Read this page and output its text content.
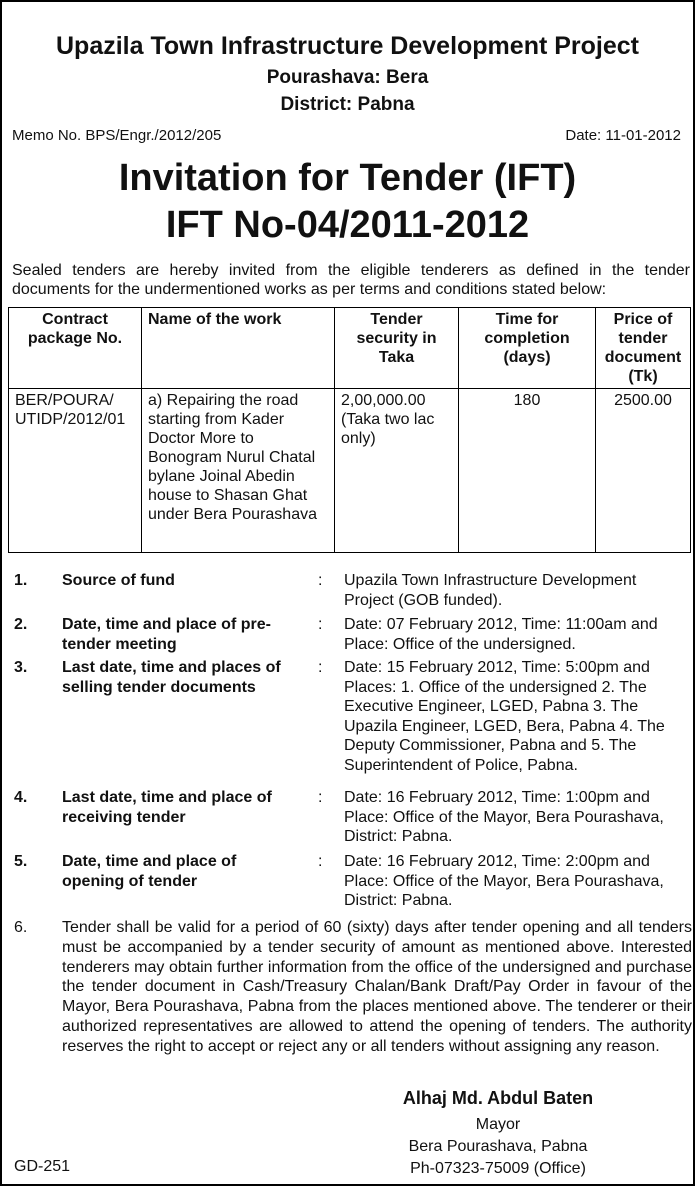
Upazila Town Infrastructure Development Project
Pourashava: Bera
District: Pabna
Memo No. BPS/Engr./2012/205	Date: 11-01-2012
Invitation for Tender (IFT)
IFT No-04/2011-2012
Sealed tenders are hereby invited from the eligible tenderers as defined in the tender documents for the undermentioned works as per terms and conditions stated below:
Contract package No.	Name of the work	Tender security in Taka	Time for completion (days)	Price of tender document (Tk)
BER/POURA/ UTIDP/2012/01	a) Repairing the road starting from Kader Doctor More to Bonogram Nurul Chatal bylane Joinal Abedin house to Shasan Ghat under Bera Pourashava	2,00,000.00 (Taka two lac only)	180	2500.00
1. Source of fund	: Upazila Town Infrastructure Development Project (GOB funded).
2. Date, time and place of pre-tender meeting
: Date: 07 February 2012, Time: 11:00am and Place: Office of the undersigned.
3. Last date, time and places of selling tender documents
: Date: 15 February 2012, Time: 5:00pm and Places: 1. Office of the undersigned 2. The Executive Engineer, LGED, Pabna 3. The Upazila Engineer, LGED, Bera, Pabna 4. The Deputy Commissioner, Pabna and 5. The Superintendent of Police, Pabna.
4. Last date, time and place of receiving tender
: Date: 16 February 2012, Time: 1:00pm and Place: Office of the Mayor, Bera Pourashava, District: Pabna.
5. Date, time and place of opening of tender
: Date: 16 February 2012, Time: 2:00pm and Place: Office of the Mayor, Bera Pourashava, District: Pabna.
6. Tender shall be valid for a period of 60 (sixty) days after tender opening and all tenders must be accompanied by a tender security of amount as mentioned above. Interested tenderers may obtain further information from the office of the undersigned and purchase the tender document in Cash/Treasury Chalan/Bank Draft/Pay Order in favour of the Mayor, Bera Pourashava, Pabna from the places mentioned above. The tenderer or their authorized representatives are allowed to attend the opening of tenders. The authority reserves the right to accept or reject any or all tenders without assigning any reason.
Alhaj Md. Abdul Baten
Mayor
Bera Pourashava, Pabna
Ph-07323-75009 (Office)
GD-251
